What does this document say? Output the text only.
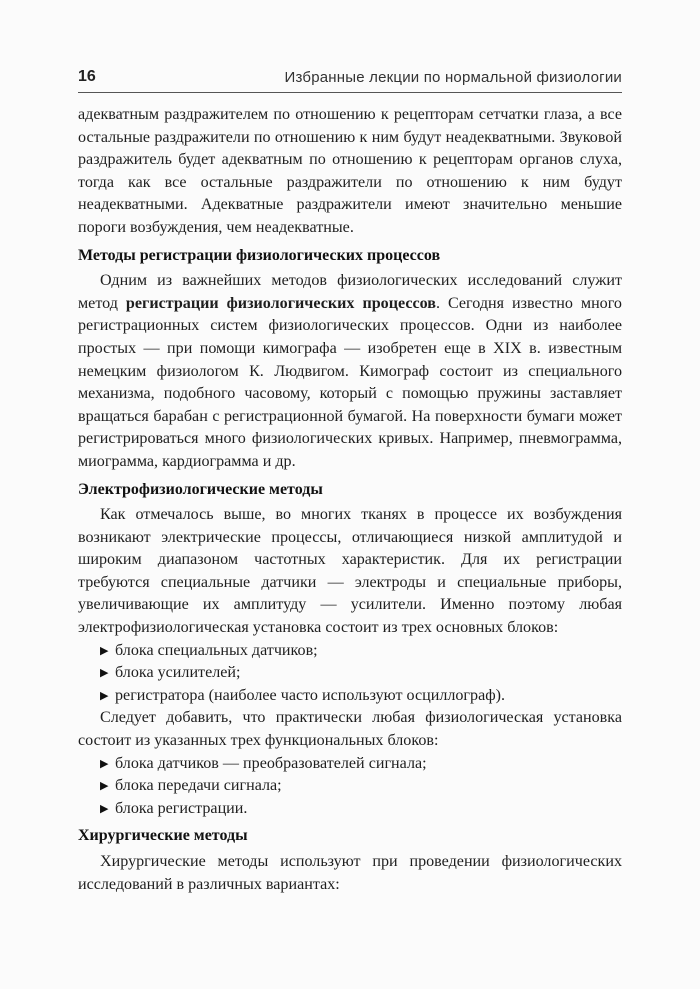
16	Избранные лекции по нормальной физиологии

адекватным раздражителем по отношению к рецепторам сетчатки глаза, а все остальные раздражители по отношению к ним будут неадекватными. Звуковой раздражитель будет адекватным по отношению к рецепторам органов слуха, тогда как все остальные раздражители по отношению к ним будут неадекватными. Адекватные раздражители имеют значительно меньшие пороги возбуждения, чем неадекватные.

Методы регистрации физиологических процессов

Одним из важнейших методов физиологических исследований служит метод регистрации физиологических процессов. Сегодня известно много регистрационных систем физиологических процессов. Одни из наиболее простых — при помощи кимографа — изобретен еще в XIX в. известным немецким физиологом К. Людвигом. Кимограф состоит из специального механизма, подобного часовому, который с помощью пружины заставляет вращаться барабан с регистрационной бумагой. На поверхности бумаги может регистрироваться много физиологических кривых. Например, пневмограмма, миограмма, кардиограмма и др.

Электрофизиологические методы

Как отмечалось выше, во многих тканях в процессе их возбуждения возникают электрические процессы, отличающиеся низкой амплитудой и широким диапазоном частотных характеристик. Для их регистрации требуются специальные датчики — электроды и специальные приборы, увеличивающие их амплитуду — усилители. Именно поэтому любая электрофизиологическая установка состоит из трех основных блоков:

▶ блока специальных датчиков;
▶ блока усилителей;
▶ регистратора (наиболее часто используют осциллограф).

Следует добавить, что практически любая физиологическая установка состоит из указанных трех функциональных блоков:

▶ блока датчиков — преобразователей сигнала;
▶ блока передачи сигнала;
▶ блока регистрации.
Хирургические методы

Хирургические методы используют при проведении физиологических исследований в различных вариантах:
